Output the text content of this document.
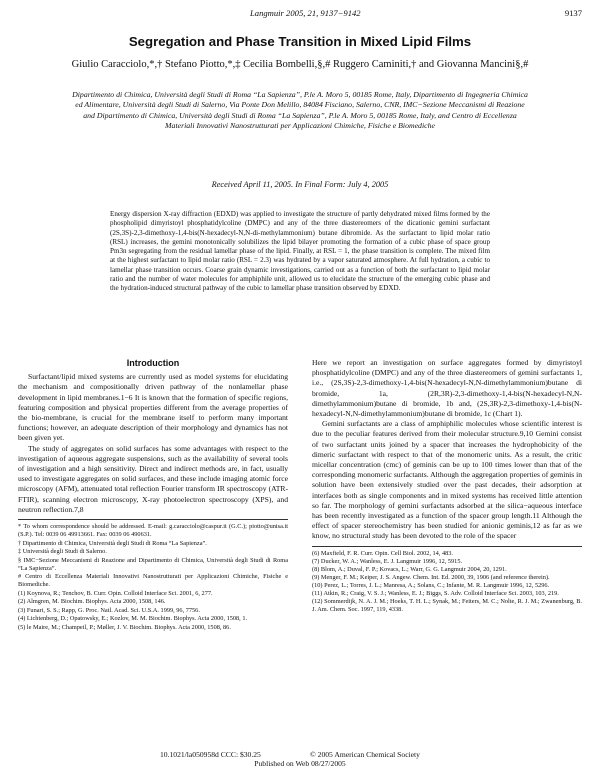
Langmuir 2005, 21, 9137−9142	9137
Segregation and Phase Transition in Mixed Lipid Films
Giulio Caracciolo,*,† Stefano Piotto,*,‡ Cecilia Bombelli,§,# Ruggero Caminiti,† and Giovanna Mancini§,#
Dipartimento di Chimica, Università degli Studi di Roma “La Sapienza”, P.le A. Moro 5, 00185 Rome, Italy, Dipartimento di Ingegneria Chimica ed Alimentare, Università degli Studi di Salerno, Via Ponte Don Melillo, 84084 Fisciano, Salerno, CNR, IMC−Sezione Meccanismi di Reazione and Dipartimento di Chimica, Università degli Studi di Roma “La Sapienza”, P.le A. Moro 5, 00185 Rome, Italy, and Centro di Eccellenza Materiali Innovativi Nanostrutturati per Applicazioni Chimiche, Fisiche e Biomediche
Received April 11, 2005. In Final Form: July 4, 2005
Energy dispersion X-ray diffraction (EDXD) was applied to investigate the structure of partly dehydrated mixed films formed by the phospholipid dimyristoyl phosphatidylcoline (DMPC) and any of the three diastereomers of the dicationic gemini surfactant (2S,3S)-2,3-dimethoxy-1,4-bis(N-hexadecyl-N,N-di-methylammonium) butane dibromide. As the surfactant to lipid molar ratio (RSL) increases, the gemini monotonically solubilizes the lipid bilayer promoting the formation of a cubic phase of space group Pm3n segregating from the residual lamellar phase of the lipid. Finally, at RSL = 1, the phase transition is complete. The mixed film at the highest surfactant to lipid molar ratio (RSL = 2.3) was hydrated by a vapor saturated atmosphere. At full hydration, a cubic to lamellar phase transition occurs. Coarse grain dynamic investigations, carried out as a function of both the surfactant to lipid molar ratio and the number of water molecules for amphiphile unit, allowed us to elucidate the structure of the emerging cubic phase and the hydration-induced structural pathway of the cubic to lamellar phase transition observed by EDXD.
Introduction

Surfactant/lipid mixed systems are currently used as model systems for elucidating the mechanism and compositionally driven pathway of the nonlamellar phase development in lipid membranes.1−6 It is known that the formation of specific regions, featuring composition and physical properties different from the average properties of the bio-membrane, is crucial for the membrane itself to perform many important functions; however, an adequate description of their morphology and dynamics has not been given yet.

The study of aggregates on solid surfaces has some advantages with respect to the investigation of aqueous aggregate suspensions, such as the availability of several tools of investigation and a high sensitivity. Direct and indirect methods are, in fact, usually used to investigate aggregates on solid surfaces, and these include imaging atomic force microscopy (AFM), attenuated total reflection Fourier transform IR spectroscopy (ATR-FTIR), scanning electron microscopy, X-ray photoelectron spectroscopy (XPS), and neutron reflection.7,8

* To whom correspondence should be addressed. E-mail: g.caracciolo@caspur.it (G.C.); piotto@unisa.it (S.P.). Tel: 0039 06 49913661. Fax: 0039 06 490631.
† Dipartimento di Chimica, Università degli Studi di Roma “La Sapienza”.
‡ Università degli Studi di Salerno.
§ IMC−Sezione Meccanismi di Reazione and Dipartimento di Chimica, Università degli Studi di Roma “La Sapienza”.
# Centro di Eccellenza Materiali Innovativi Nanostrutturati per Applicazioni Chimiche, Fisiche e Biomediche.
(1) Koynova, R.; Tenchov, B. Curr. Opin. Colloid Interface Sci. 2001, 6, 277.
(2) Almgren, M. Biochim. Biophys. Acta 2000, 1508, 146.
(3) Funari, S. S.; Rapp, G. Proc. Natl. Acad. Sci. U.S.A. 1999, 96, 7756.
(4) Lichtenberg, D.; Opatowsky, E.; Kozlov, M. M. Biochim. Biophys. Acta 2000, 1508, 1.
(5) le Maire, M.; Champeil, P.; Møller, J. V. Biochim. Biophys. Acta 2000, 1508, 86.

Here we report an investigation on surface aggregates formed by dimyristoyl phosphatidylcoline (DMPC) and any of the three diastereomers of gemini surfactants 1, i.e., (2S,3S)-2,3-dimethoxy-1,4-bis(N-hexadecyl-N,N-dimethylammonium)butane di bromide, 1a, (2R,3R)-2,3-dimethoxy-1,4-bis(N-hexadecyl-N,N-dimethylammonium)butane di bromide, 1b and, (2S,3R)-2,3-dimethoxy-1,4-bis(N-hexadecyl-N,N-dimethylammonium)butane di bromide, 1c (Chart 1).

Gemini surfactants are a class of amphiphilic molecules whose scientific interest is due to the peculiar features derived from their molecular structure.9,10 Gemini consist of two surfactant units joined by a spacer that increases the hydrophobicity of the dimeric surfactant with respect to that of the monomeric units. As a result, the critic micellar concentration (cmc) of geminis can be up to 100 times lower than that of the corresponding monomeric surfactants. Although the aggregation properties of geminis in solution have been extensively studied over the past decades, their adsorption at interfaces both as single components and in mixed systems has received little attention so far. The morphology of gemini surfactants adsorbed at the silica−aqueous interface has been recently investigated as a function of the spacer group length.11 Although the effect of spacer stereochemistry has been studied for anionic geminis,12 as far as we know, no structural study has been devoted to the role of the spacer

(6) Maxfield, F. R. Curr. Opin. Cell Biol. 2002, 14, 483.
(7) Ducker, W. A.; Wanless, E. J. Langmuir 1996, 12, 5915.
(8) Blom, A.; Duval, F. P.; Kovacs, L.; Warr, G. G. Langmuir 2004, 20, 1291.
(9) Menger, F. M.; Keiper, J. S. Angew. Chem. Int. Ed. 2000, 39, 1906 (and reference therein).
(10) Perez, L.; Torres, J. L.; Manresa, A.; Solans, C.; Infante, M. R. Langmuir 1996, 12, 5296.
(11) Atkin, R.; Craig, V. S. J.; Wanless, E. J.; Biggs, S. Adv. Colloid Interface Sci. 2003, 103, 219.
(12) Sommerdijk, N. A. J. M.; Hoeks, T. H. L.; Synak, M.; Feiters, M. C.; Nolte, R. J. M.; Zwanenburg, B. J. Am. Chem. Soc. 1997, 119, 4338.
10.1021/la050958d CCC: $30.25	© 2005 American Chemical Society
Published on Web 08/27/2005
